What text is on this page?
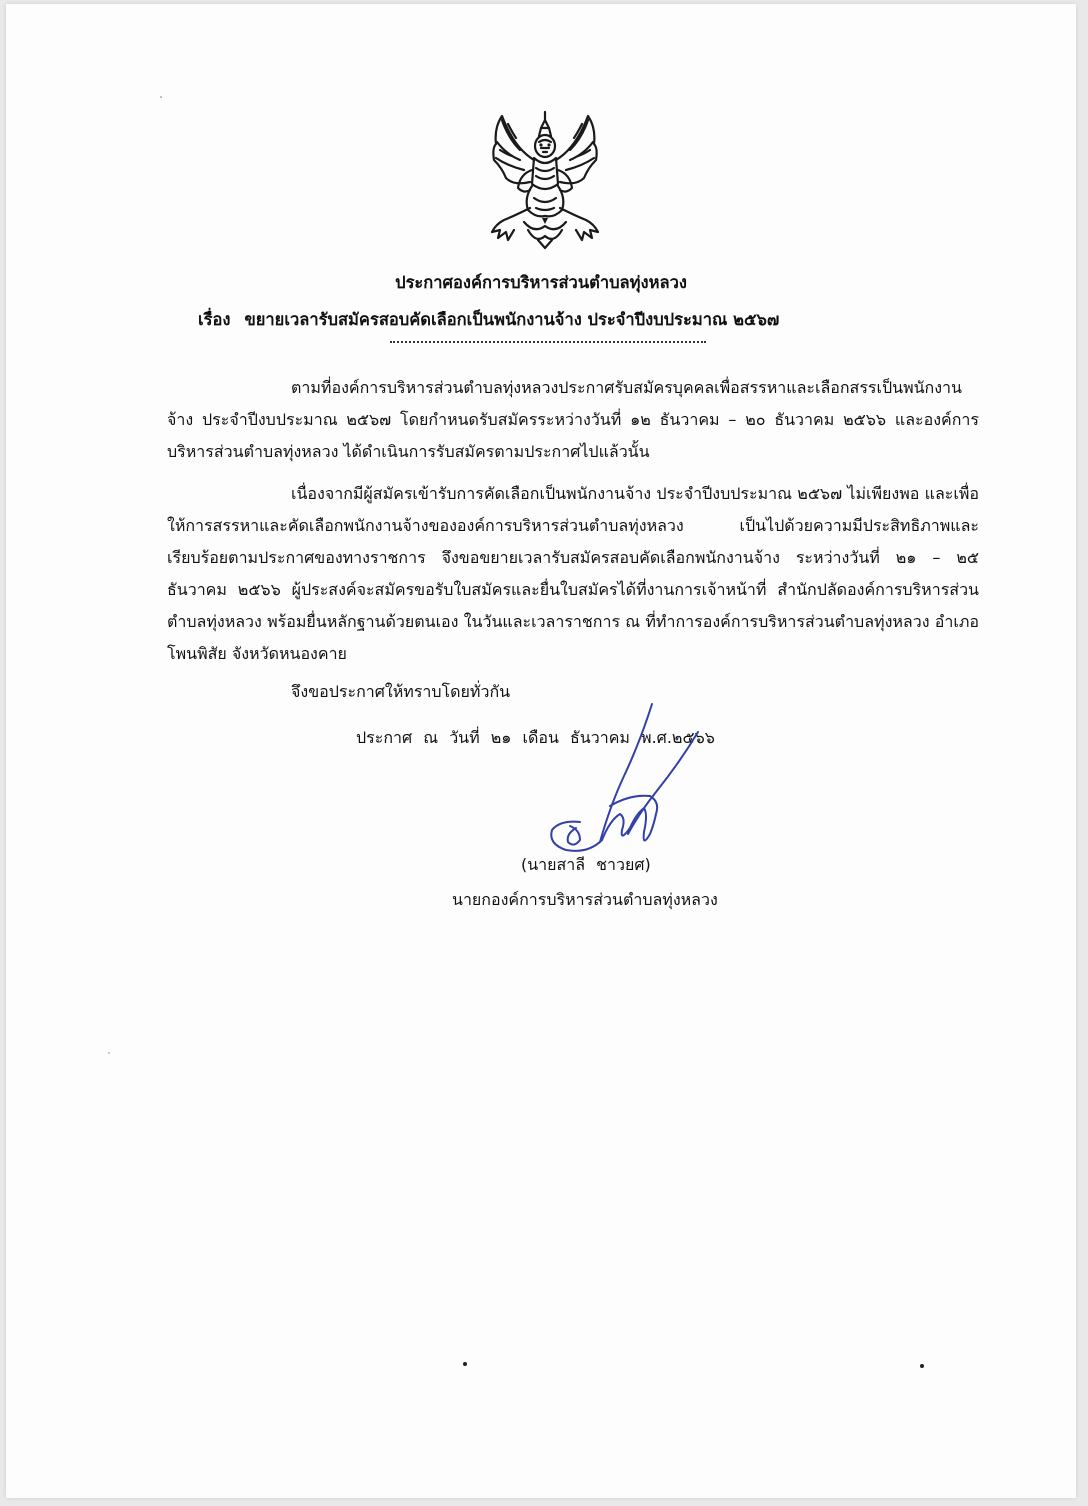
ประกาศองค์การบริหารส่วนตำบลทุ่งหลวง
เรื่อง ขยายเวลารับสมัครสอบคัดเลือกเป็นพนักงานจ้าง ประจำปีงบประมาณ ๒๕๖๗

ตามที่องค์การบริหารส่วนตำบลทุ่งหลวงประกาศรับสมัครบุคคลเพื่อสรรหาและเลือกสรรเป็นพนักงานจ้าง ประจำปีงบประมาณ ๒๕๖๗ โดยกำหนดรับสมัครระหว่างวันที่ ๑๒ ธันวาคม – ๒๐ ธันวาคม ๒๕๖๖ และองค์การบริหารส่วนตำบลทุ่งหลวง ได้ดำเนินการรับสมัครตามประกาศไปแล้วนั้น

เนื่องจากมีผู้สมัครเข้ารับการคัดเลือกเป็นพนักงานจ้าง ประจำปีงบประมาณ ๒๕๖๗ ไม่เพียงพอ และเพื่อให้การสรรหาและคัดเลือกพนักงานจ้างขององค์การบริหารส่วนตำบลทุ่งหลวง เป็นไปด้วยความมีประสิทธิภาพและเรียบร้อยตามประกาศของทางราชการ จึงขอขยายเวลารับสมัครสอบคัดเลือกพนักงานจ้าง ระหว่างวันที่ ๒๑ – ๒๕ ธันวาคม ๒๕๖๖ ผู้ประสงค์จะสมัครขอรับใบสมัครและยื่นใบสมัครได้ที่งานการเจ้าหน้าที่ สำนักปลัดองค์การบริหารส่วนตำบลทุ่งหลวง พร้อมยื่นหลักฐานด้วยตนเอง ในวันและเวลาราชการ ณ ที่ทำการองค์การบริหารส่วนตำบลทุ่งหลวง อำเภอโพนพิสัย จังหวัดหนองคาย

จึงขอประกาศให้ทราบโดยทั่วกัน
ประกาศ ณ วันที่ ๒๑ เดือน ธันวาคม พ.ศ.๒๕๖๖
(นายสาลี ชาวยศ)
นายกองค์การบริหารส่วนตำบลทุ่งหลวง
